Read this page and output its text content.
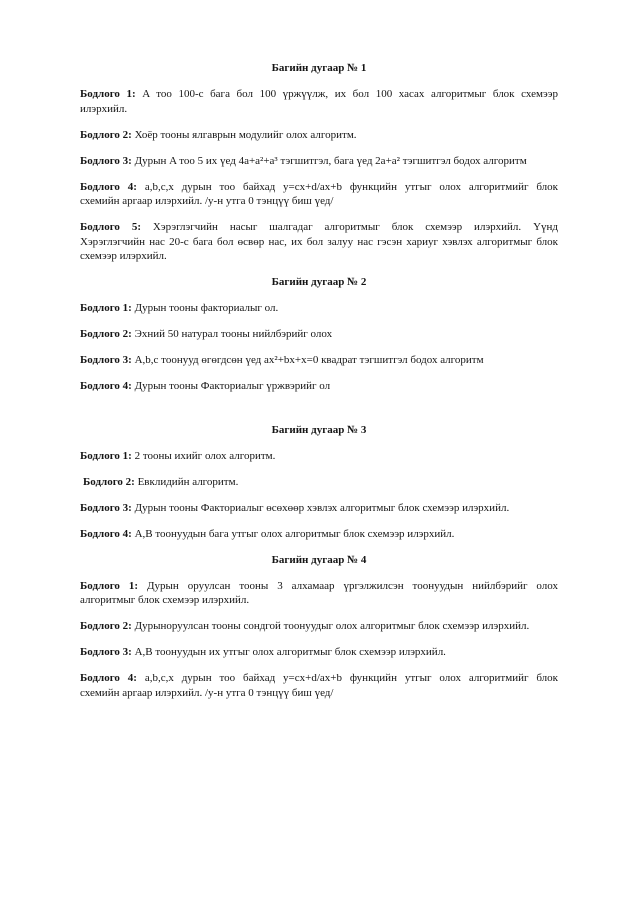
Багийн дугаар № 1
Бодлого 1: A тоо 100-с бага бол 100 үржүүлж, их бол 100 хасах алгоритмыг блок схемээр
илэрхийл.
Бодлого 2: Хоёр тооны ялгаврын модулийг олох алгоритм.
Бодлого 3: Дурын A тоо 5 их үед 4a+a²+a³ тэгшитгэл, бага үед 2a+a² тэгшитгэл бодох алгоритм
Бодлого 4: a,b,c,x дурын тоо байхад y=cx+d/ax+b функцийн утгыг олох алгоритмийг блок
схемийн аргаар илэрхийл. /y-н утга 0 тэнцүү биш үед/
Бодлого 5: Хэрэглэгчийн насыг шалгадаг алгоритмыг блок схемээр илэрхийл. Үүнд
Хэрэглэгчийн нас 20-с бага бол өсвөр нас, их бол залуу нас гэсэн хариуг хэвлэх алгоритмыг блок
схемээр илэрхийл.
Багийн дугаар № 2
Бодлого 1: Дурын тооны факториалыг ол.
Бодлого 2: Эхний 50 натурал тооны нийлбэрийг олох
Бодлого 3: A,b,c тоонууд өгөгдсөн үед ax²+bx+x=0 квадрат тэгшитгэл бодох алгоритм
Бодлого 4: Дурын тооны Факториалыг үржвэрийг ол
Багийн дугаар № 3
Бодлого 1: 2 тооны ихийг олох алгоритм.
Бодлого 2: Евклидийн алгоритм.
Бодлого 3: Дурын тооны Факториалыг өсөхөөр хэвлэх алгоритмыг блок схемээр илэрхийл.
Бодлого 4: A,B тоонуудын бага утгыг олох алгоритмыг блок схемээр илэрхийл.
Багийн дугаар № 4
Бодлого 1: Дурын оруулсан тооны 3 алхамаар үргэлжилсэн тоонуудын нийлбэрийг олох
алгоритмыг блок схемээр илэрхийл.
Бодлого 2: Дурыноруулсан тооны сондгой тоонуудыг олох алгоритмыг блок схемээр илэрхийл.
Бодлого 3: A,B тоонуудын их утгыг олох алгоритмыг блок схемээр илэрхийл.
Бодлого 4: a,b,c,x дурын тоо байхад y=cx+d/ax+b функцийн утгыг олох алгоритмийг блок
схемийн аргаар илэрхийл. /y-н утга 0 тэнцүү биш үед/
